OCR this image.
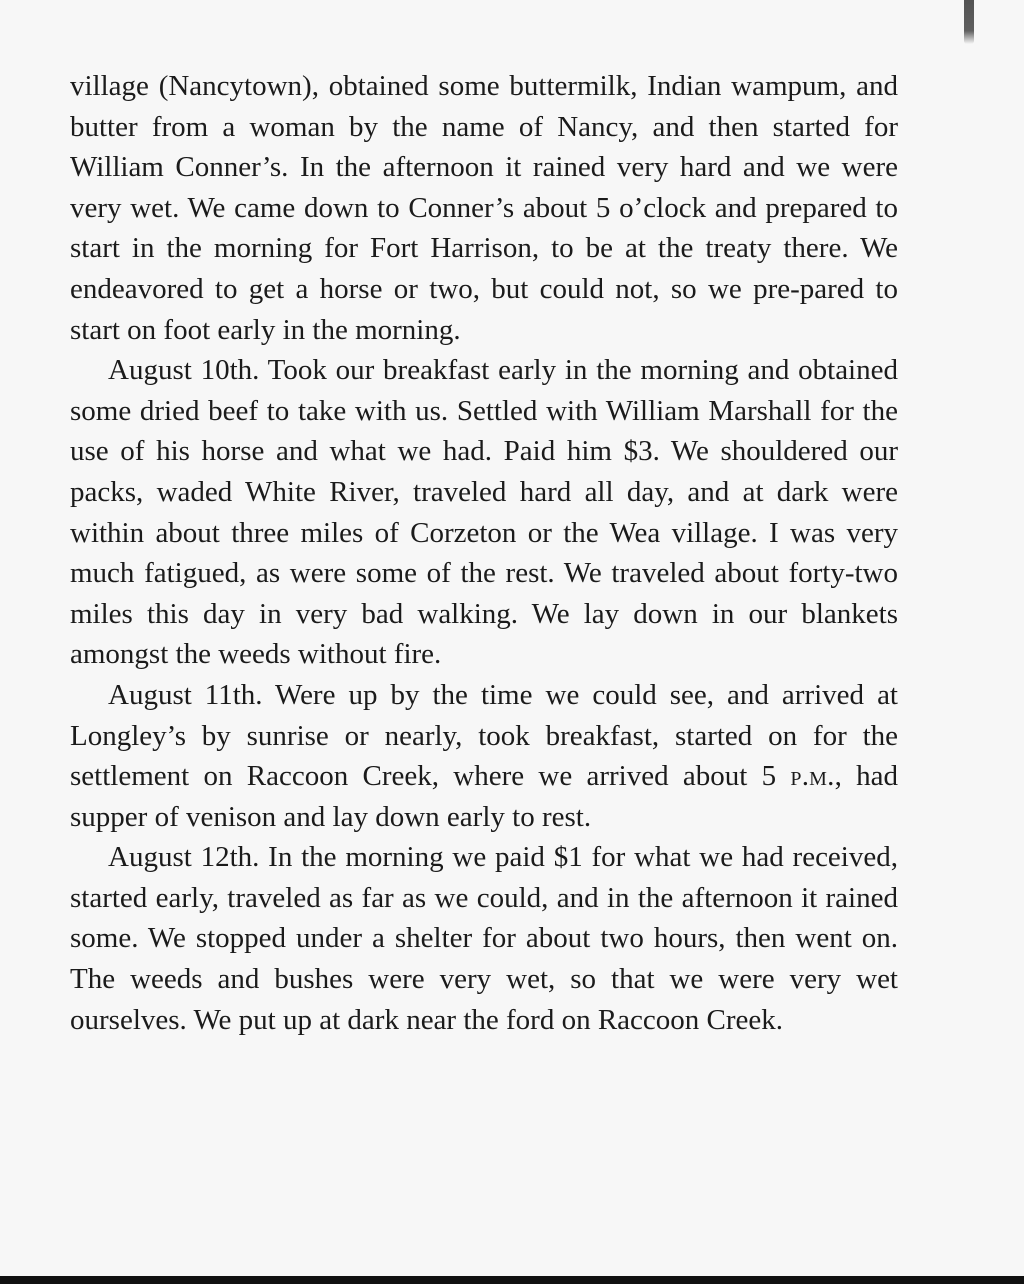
village (Nancytown), obtained some buttermilk, Indian wampum, and butter from a woman by the name of Nancy, and then started for William Conner’s. In the afternoon it rained very hard and we were very wet. We came down to Conner’s about 5 o’clock and prepared to start in the morning for Fort Harrison, to be at the treaty there. We endeavored to get a horse or two, but could not, so we pre-pared to start on foot early in the morning.

August 10th. Took our breakfast early in the morning and obtained some dried beef to take with us. Settled with William Marshall for the use of his horse and what we had. Paid him $3. We shouldered our packs, waded White River, traveled hard all day, and at dark were within about three miles of Corzeton or the Wea village. I was very much fatigued, as were some of the rest. We traveled about forty-two miles this day in very bad walking. We lay down in our blankets amongst the weeds without fire.

August 11th. Were up by the time we could see, and arrived at Longley’s by sunrise or nearly, took breakfast, started on for the settlement on Raccoon Creek, where we arrived about 5 p.m., had supper of venison and lay down early to rest.

August 12th. In the morning we paid $1 for what we had received, started early, traveled as far as we could, and in the afternoon it rained some. We stopped under a shelter for about two hours, then went on. The weeds and bushes were very wet, so that we were very wet ourselves. We put up at dark near the ford on Raccoon Creek.
